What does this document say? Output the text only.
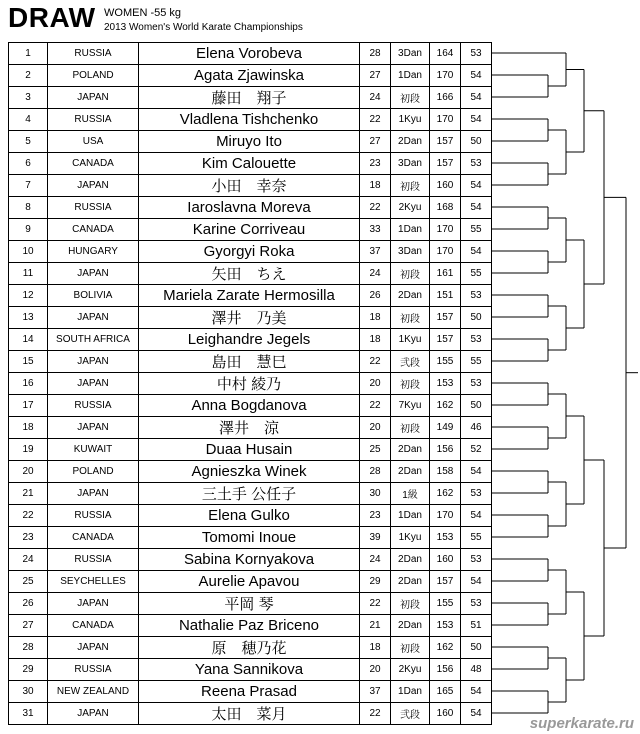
DRAW WOMEN -55 kg
2013 Women's World Karate Championships
1	RUSSIA	Elena Vorobeva	28	3Dan	164	53
2	POLAND	Agata Zjawinska	27	1Dan	170	54
3	JAPAN	藤田　翔子	24	初段	166	54
4	RUSSIA	Vladlena Tishchenko	22	1Kyu	170	54
5	USA	Miruyo Ito	27	2Dan	157	50
6	CANADA	Kim Calouette	23	3Dan	157	53
7	JAPAN	小田　幸奈	18	初段	160	54
8	RUSSIA	Iaroslavna Moreva	22	2Kyu	168	54
9	CANADA	Karine Corriveau	33	1Dan	170	55
10	HUNGARY	Gyorgyi Roka	37	3Dan	170	54
11	JAPAN	矢田　ちえ	24	初段	161	55
12	BOLIVIA	Mariela Zarate Hermosilla	26	2Dan	151	53
13	JAPAN	澤井　乃美	18	初段	157	50
14	SOUTH AFRICA	Leighandre Jegels	18	1Kyu	157	53
15	JAPAN	島田　慧巳	22	弐段	155	55
16	JAPAN	中村 綾乃	20	初段	153	53
17	RUSSIA	Anna Bogdanova	22	7Kyu	162	50
18	JAPAN	澤井　涼	20	初段	149	46
19	KUWAIT	Duaa Husain	25	2Dan	156	52
20	POLAND	Agnieszka Winek	28	2Dan	158	54
21	JAPAN	三土手 公任子	30	1級	162	53
22	RUSSIA	Elena Gulko	23	1Dan	170	54
23	CANADA	Tomomi Inoue	39	1Kyu	153	55
24	RUSSIA	Sabina Kornyakova	24	2Dan	160	53
25	SEYCHELLES	Aurelie Apavou	29	2Dan	157	54
26	JAPAN	平岡 琴	22	初段	155	53
27	CANADA	Nathalie Paz Briceno	21	2Dan	153	51
28	JAPAN	原　穂乃花	18	初段	162	50
29	RUSSIA	Yana Sannikova	20	2Kyu	156	48
30	NEW ZEALAND	Reena Prasad	37	1Dan	165	54
31	JAPAN	太田　菜月	22	弐段	160	54
superkarate.ru
